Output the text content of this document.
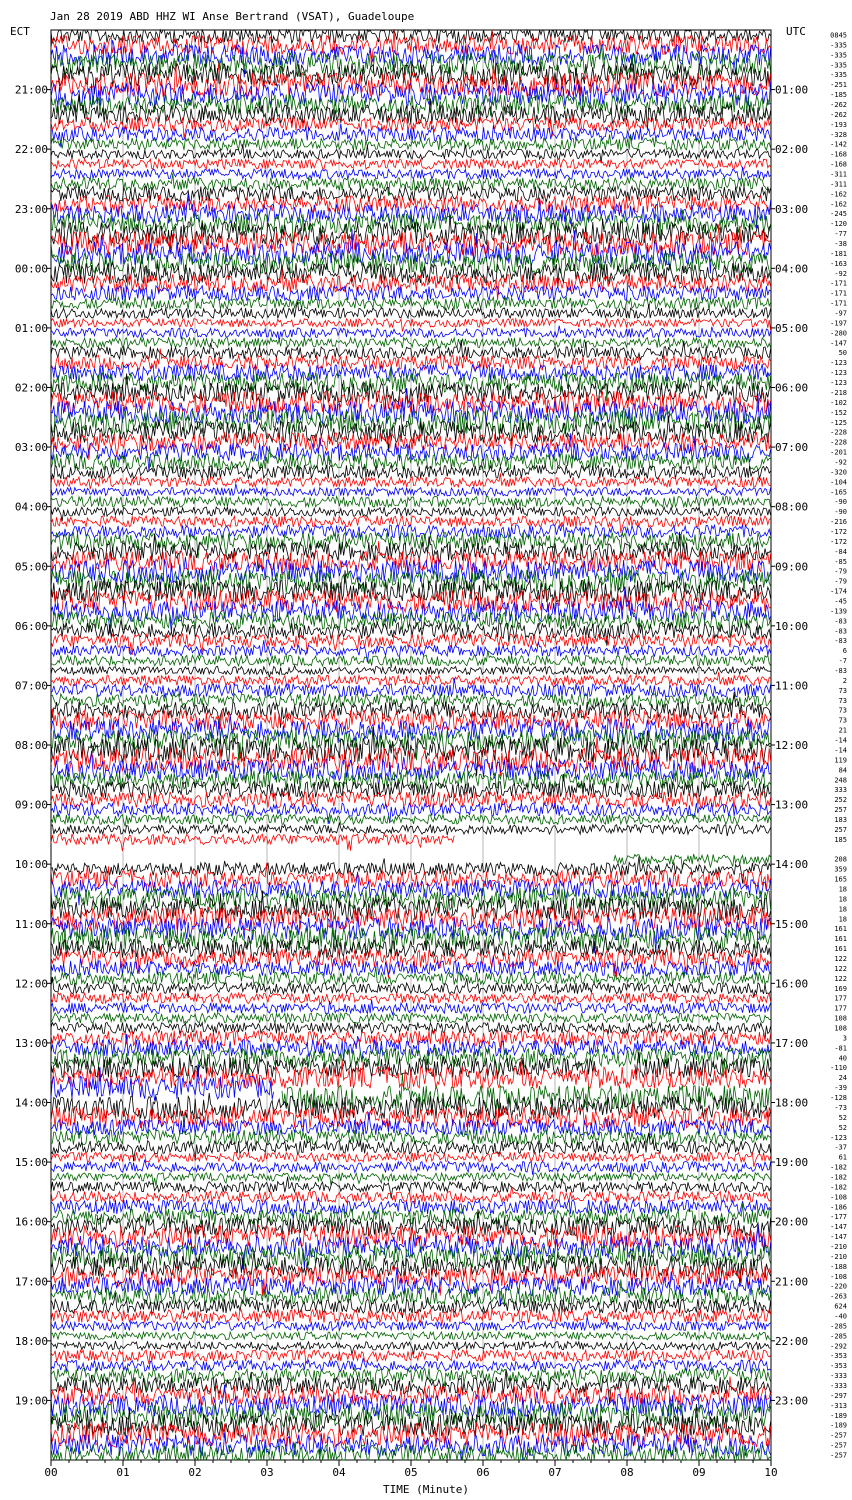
0845
-335
-335
-335
-335
-251
-185
-262
-262
-193
-328
-142
-168
-168
-311
-311
-162
-162
-245
-120
-77
-38
-181
-163
-92
-171
-171
-171
-97
-197
-280
-147
50
-123
-123
-123
-218
-102
-152
-125
-228
-228
-201
-92
-320
-104
-165
-90
-90
-216
-172
-172
-84
-85
-79
-79
-174
-45
-139
-83
-83
-83
6
-7
-83
2
73
73
73
73
21
-14
-14
119
84
248
333
252
257
183
257
185
208
359
165
18
18
18
18
161
161
161
122
122
122
169
177
177
108
108
3
-81
40
-110
24
-39
-128
-73
52
52
-123
-37
61
-182
-182
-182
-108
-186
-177
-147
-147
-210
-210
-188
-108
-220
-263
624
-40
-285
-285
-292
-353
-353
-333
-333
-297
-313
-189
-189
-257
-257
-257
21:00
22:00
23:00
00:00
01:00
02:00
03:00
04:00
05:00
06:00
07:00
08:00
09:00
10:00
11:00
12:00
13:00
14:00
15:00
16:00
17:00
18:00
19:00
01:00
02:00
03:00
04:00
05:00
06:00
07:00
08:00
09:00
10:00
11:00
12:00
13:00
14:00
15:00
16:00
17:00
18:00
19:00
20:00
21:00
22:00
23:00
00	01	02	03	04	05	06	07	08	09	10
Jan 28 2019 ABD HHZ WI Anse Bertrand (VSAT), Guadeloupe
ECT	UTC
TIME (Minute)
